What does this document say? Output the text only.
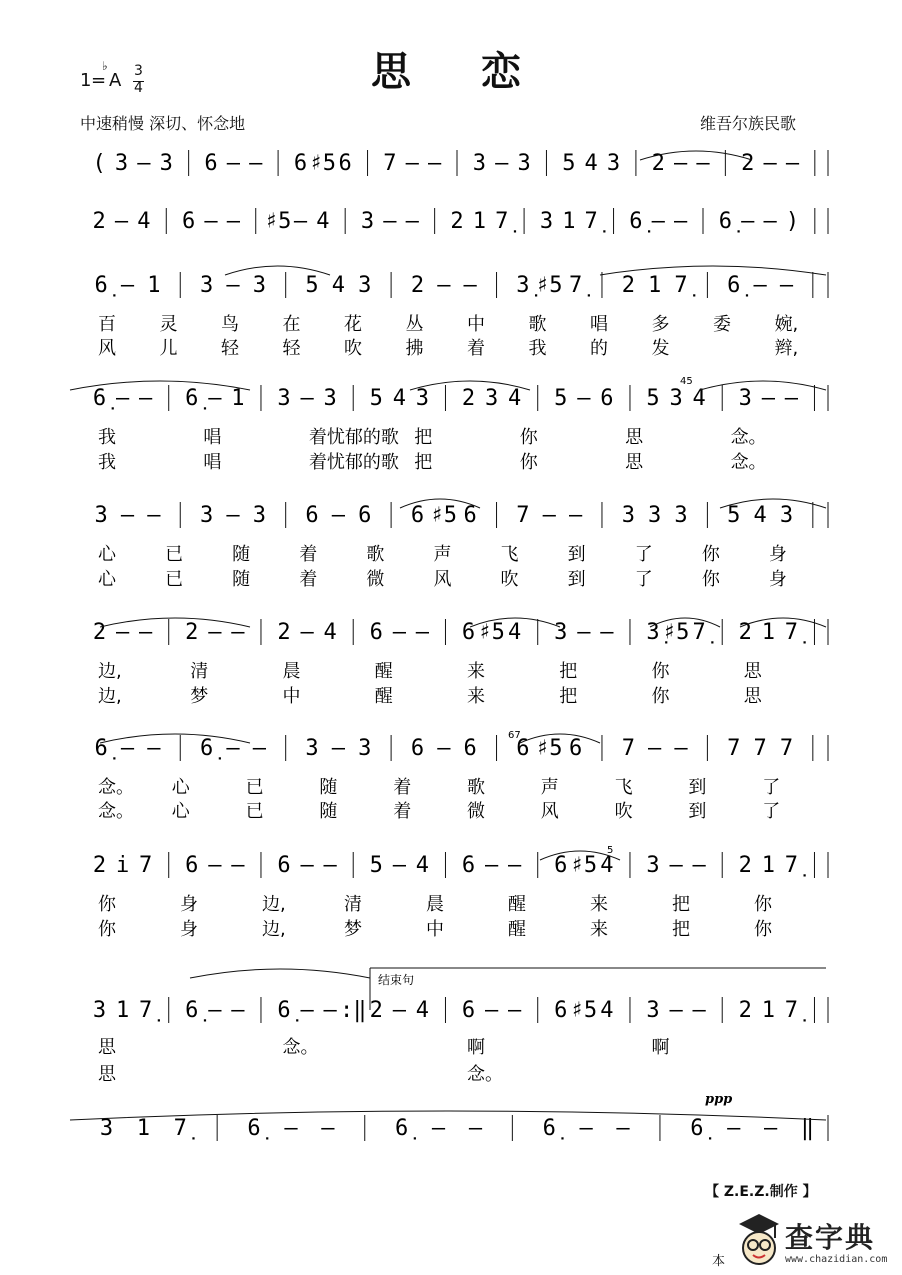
思 恋
1 =
♭
A 3
4
中速稍慢 深切、怀念地	维吾尔族民歌
( 3 – 3 6 – – 6 ♯5 6 7 – – 3 – 3 5 4 3 2 – – 2 – –
2 – 4 6 – – ♯5 – 4 3 – – 2 1 7̣	3 1 7̣	6̣ – – 6̣ – – )
6̣ – 1 3 – 3 5 4 3 2 – – 3̣ ♯5 7̣	2 1 7̣	6̣ – –
百 灵 鸟 在 花 丛 中 歌 唱 多 委 婉,
风 儿 轻 轻 吹 拂 着 我 的 发	辫,
6̣ – – 6̣ – 1 3 – 3 5 4 3 2 3 4 5 – 6 5 3 4 3 – –
我	唱	着忧郁的歌 把	你	思	念。
我	唱	着忧郁的歌 把	你	思	念。
3 – – 3 – 3 6 – 6 6 ♯5 6 7 – – 3 3 3 5 4 3
心	已	随	着	歌	声	飞	到	了	你	身
心	已	随	着	微	风	吹	到	了	你	身
2 – – 2 – – 2 – 4 6 – – 6 ♯5 4 3 – – 3̣ ♯5 7̣	2 1 7̣
边,	清	晨	醒	来	把	你	思
边,	梦	中	醒	来	把	你	思
6̣ – – 6̣ – – 3 – 3 6 – 6 6 ♯5 6 7 – – 7 7 7
念。 心	已	随	着	歌	声	飞	到	了
念。 心	已	随	着	微	风	吹	到	了
2 i 7 6 – – 6 – – 5 – 4 6 – – 6 ♯5 4 3 – – 2 1 7̣
你	身	边,	清	晨	醒	来	把	你
你	身	边,	梦	中	醒	来	把	你
3 1 7̣	6̣ – – 6̣ – – :‖ 2 – 4 6 – – 6 ♯5 4 3 – – 2 1 7̣
思	念。	啊	啊
思	念。
3 1 7̣	6̣	– –	6̣	– –	6̣	– –	6̣	– – ‖
45
67
5
结束句
ppp
【 Z.E.Z.制作 】
本
查字典
www.chazidian.com
